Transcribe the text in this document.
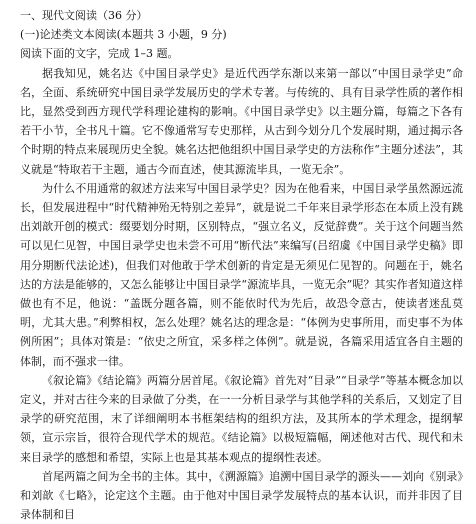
一、现代文阅读（36 分）
(一)论述类文本阅读(本题共 3 小题，9 分)
阅读下面的文字，完成 1–3 题。

据我知见，姚名达《中国目录学史》是近代西学东渐以来第一部以“中国目录学史”命名，全面、系统研究中国目录学发展历史的学术专著。与传统的、具有目录学性质的著作相比，显然受到西方现代学科理论建构的影响。《中国目录学史》以主题分篇，每篇之下各有若干小节，全书凡十篇。它不像通常写专史那样，从古到今划分几个发展时期，通过揭示各个时期的特点来展现历史全貌。姚名达把他组织中国目录学史的方法称作“主题分述法”，其义就是“特取若干主题，通古今而直述，使其源流毕具，一览无余”。

为什么不用通常的叙述方法来写中国目录学史？因为在他看来，中国目录学虽然源远流长，但发展进程中“时代精神殆无特别之差异”，就是说二千年来目录学形态在本质上没有跳出刘歆开创的模式：缀要划分时期，区别特点，“强立名义，反觉辞费”。关于这个问题当然可以见仁见智，中国目录学史也未尝不可用“断代法”来编写(吕绍虞《中国目录学史稿》即用分期断代法论述)，但我们对他敢于学术创新的肯定是无须见仁见智的。问题在于，姚名达的方法是能够的，又怎么能够让中国目录学“源流毕具，一览无余”呢？其实作者知道这样做也有不足，他说：“盖既分题各篇，则不能依时代为先后，故恐令意古，使读者迷乱莫明，尤其大患。”利弊相权，怎么处理？姚名达的理念是：“体例为史事所用，而史事不为体例所困”；具体对策是：“依史之所宜，采多样之体例”。就是说，各篇采用适宜各自主题的体制，而不强求一律。

《叙论篇》《结论篇》两篇分居首尾。《叙论篇》首先对“目录”“目录学”等基本概念加以定义，并对古往今来的目录做了分类，在一一分析目录学与其他学科的关系后，又划定了目录学的研究范围，末了详细阐明本书框架结构的组织方法，及其所本的学术理念，提纲挈领，宣示宗旨，很符合现代学术的规范。《结论篇》以极短篇幅，阐述他对古代、现代和未来目录学的感想和希望，实际上也是其基本观点的提纲性表述。

首尾两篇之间为全书的主体。其中，《溯源篇》追溯中国目录学的源头——刘向《别录》和刘歆《七略》，论定这个主题。由于他对中国目录学发展特点的基本认识，而并非因了目录体制和目
